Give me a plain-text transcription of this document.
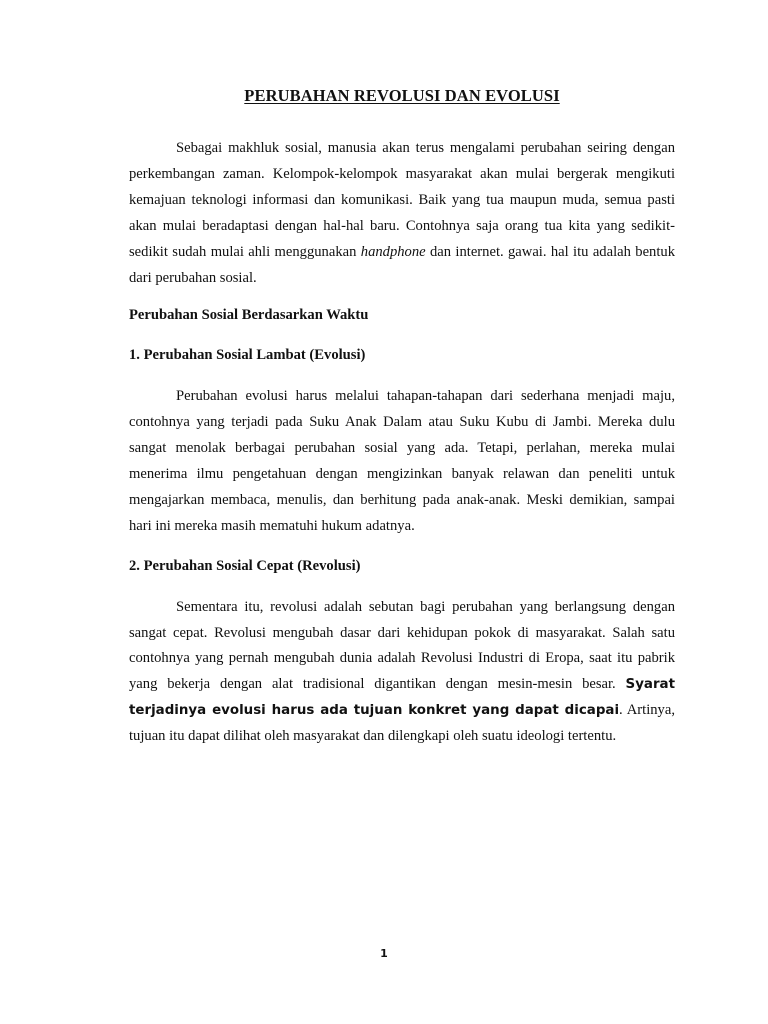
PERUBAHAN REVOLUSI DAN EVOLUSI

Sebagai makhluk sosial, manusia akan terus mengalami perubahan seiring dengan perkembangan zaman. Kelompok-kelompok masyarakat akan mulai bergerak mengikuti kemajuan teknologi informasi dan komunikasi. Baik yang tua maupun muda, semua pasti akan mulai beradaptasi dengan hal-hal baru. Contohnya saja orang tua kita yang sedikit-sedikit sudah mulai ahli menggunakan handphone dan internet. gawai. hal itu adalah bentuk dari perubahan sosial.

Perubahan Sosial Berdasarkan Waktu
1. Perubahan Sosial Lambat (Evolusi)

Perubahan evolusi harus melalui tahapan-tahapan dari sederhana menjadi maju, contohnya yang terjadi pada Suku Anak Dalam atau Suku Kubu di Jambi. Mereka dulu sangat menolak berbagai perubahan sosial yang ada. Tetapi, perlahan, mereka mulai menerima ilmu pengetahuan dengan mengizinkan banyak relawan dan peneliti untuk mengajarkan membaca, menulis, dan berhitung pada anak-anak. Meski demikian, sampai hari ini mereka masih mematuhi hukum adatnya.

2. Perubahan Sosial Cepat (Revolusi)

Sementara itu, revolusi adalah sebutan bagi perubahan yang berlangsung dengan sangat cepat. Revolusi mengubah dasar dari kehidupan pokok di masyarakat. Salah satu contohnya yang pernah mengubah dunia adalah Revolusi Industri di Eropa, saat itu pabrik yang bekerja dengan alat tradisional digantikan dengan mesin-mesin besar. Syarat terjadinya evolusi harus ada tujuan konkret yang dapat dicapai. Artinya, tujuan itu dapat dilihat oleh masyarakat dan dilengkapi oleh suatu ideologi tertentu.

1
